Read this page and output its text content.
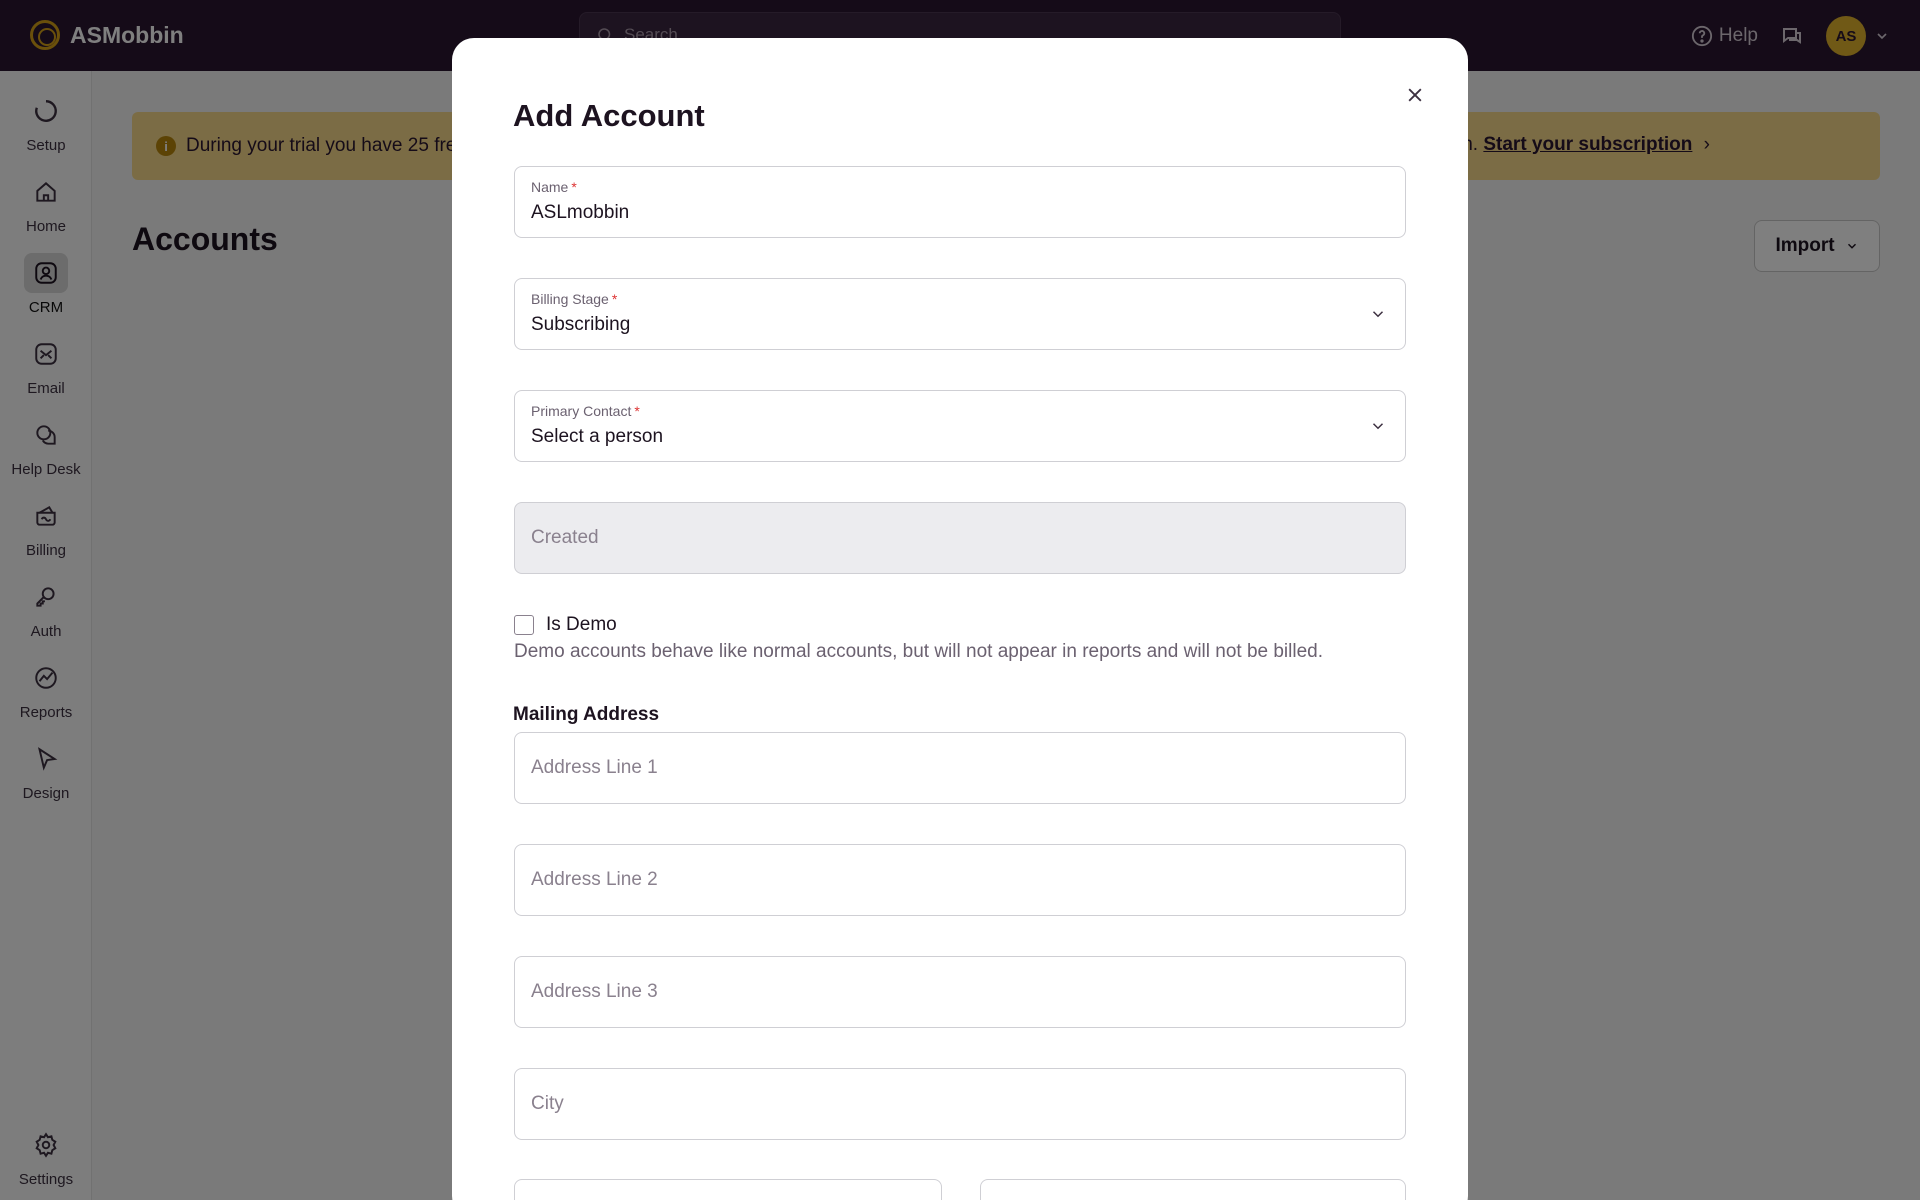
Add Account
Name *
ASLmobbin
Billing Stage *
Subscribing
Primary Contact *
Select a person
Created
Is Demo

Demo accounts behave like normal accounts, but will not appear in reports and will not be billed.

Mailing Address
Address Line 1
Address Line 2
Address Line 3
City
